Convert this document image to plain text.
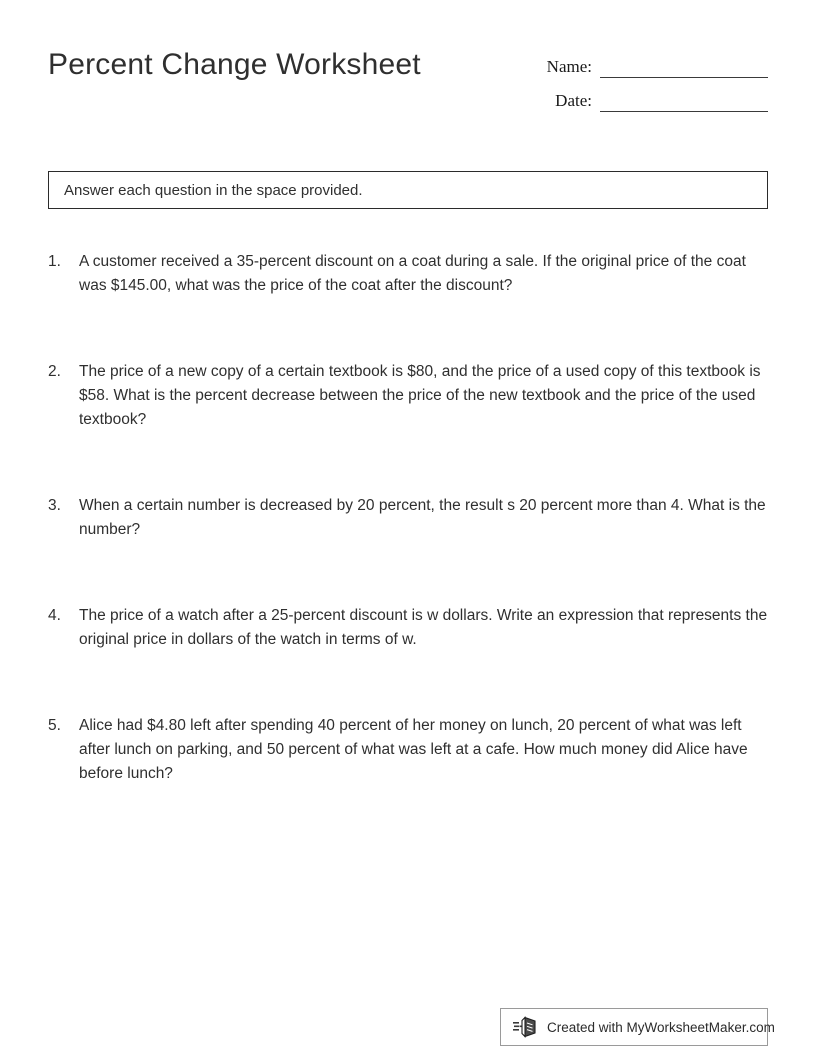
Percent Change Worksheet	Name:
Date:
Answer each question in the space provided.
1.	A customer received a 35-percent discount on a coat during a sale. If the original price of the coat was $145.00, what was the price of the coat after the discount?
2.	The price of a new copy of a certain textbook is $80, and the price of a used copy of this textbook is $58. What is the percent decrease between the price of the new textbook and the price of the used textbook?
3.	When a certain number is decreased by 20 percent, the result s 20 percent more than 4. What is the number?
4.	The price of a watch after a 25-percent discount is w dollars. Write an expression that represents the original price in dollars of the watch in terms of w.
5.	Alice had $4.80 left after spending 40 percent of her money on lunch, 20 percent of what was left after lunch on parking, and 50 percent of what was left at a cafe. How much money did Alice have before lunch?
Created with MyWorksheetMaker.com
